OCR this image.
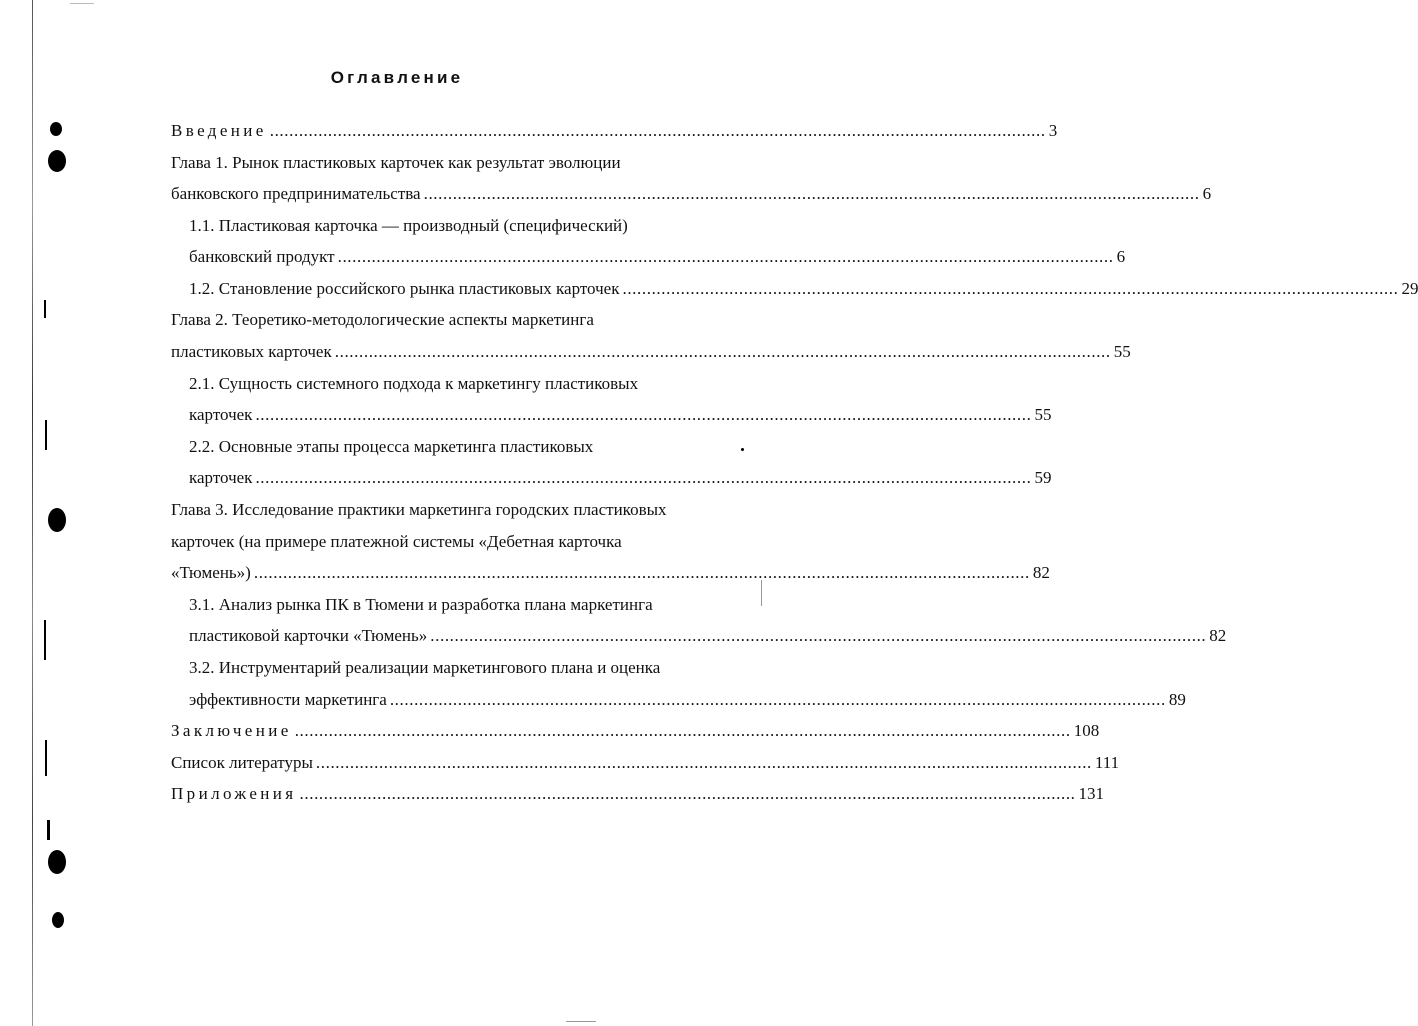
Оглавление
Введение ................................................................................................................................................................ 3
Глава 1. Рынок пластиковых карточек как результат эволюции
банковского предпринимательства ................................................................................................................................................................ 6
1.1. Пластиковая карточка — производный (специфический)
банковский продукт ................................................................................................................................................................ 6
1.2. Становление российского рынка пластиковых карточек ................................................................................................................................................................ 29
Глава 2. Теоретико-методологические аспекты маркетинга
пластиковых карточек ................................................................................................................................................................ 55
2.1. Сущность системного подхода к маркетингу пластиковых
карточек ................................................................................................................................................................ 55
2.2. Основные этапы процесса маркетинга пластиковых
карточек ................................................................................................................................................................ 59
Глава 3. Исследование практики маркетинга городских пластиковых
карточек (на примере платежной системы «Дебетная карточка
«Тюмень») ................................................................................................................................................................ 82
3.1. Анализ рынка ПК в Тюмени и разработка плана маркетинга
пластиковой карточки «Тюмень» ................................................................................................................................................................ 82
3.2. Инструментарий реализации маркетингового плана и оценка
эффективности маркетинга ................................................................................................................................................................ 89
Заключение ................................................................................................................................................................ 108
Список литературы ................................................................................................................................................................ 111
Приложения ................................................................................................................................................................ 131
